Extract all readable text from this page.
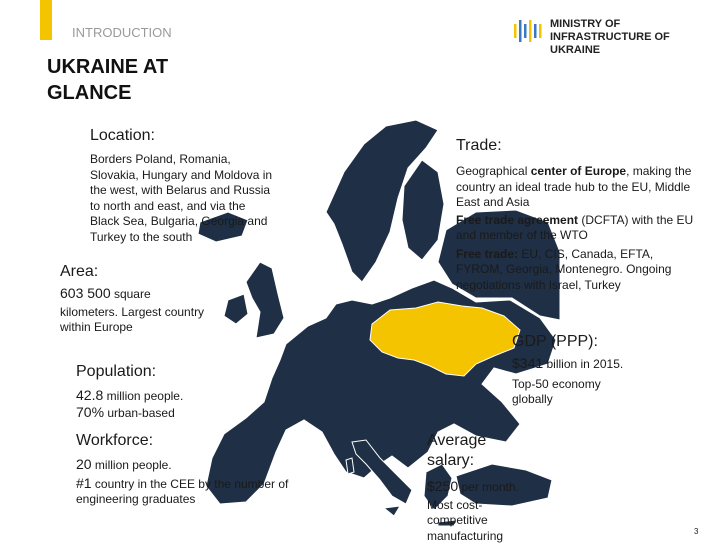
INTRODUCTION
UKRAINE AT
GLANCE
MINISTRY OF
INFRASTRUCTURE OF
UKRAINE
Location:
Borders Poland, Romania, Slovakia, Hungary and Moldova in the west, with Belarus and Russia to north and east, and via the Black Sea, Bulgaria, Georgia and Turkey to the south
Area:
603 500 square
kilometers. Largest country within Europe
Population:
42.8 million people.
70% urban-based
Workforce:
20 million people.
#1 country in the CEE by the number of engineering graduates
Trade:
Geographical center of Europe, making the country an ideal trade hub to the EU, Middle East and Asia
Free trade agreement (DCFTA) with the EU
and member of the WTO
Free trade: EU, CIS, Canada, EFTA, FYROM, Georgia, Montenegro. Ongoing negotiations with Israel, Turkey
GDP (PPP):
$341 billion in 2015.
Top-50 economy globally
Average
salary:
$250 per month.
Most cost-competitive manufacturing	3
